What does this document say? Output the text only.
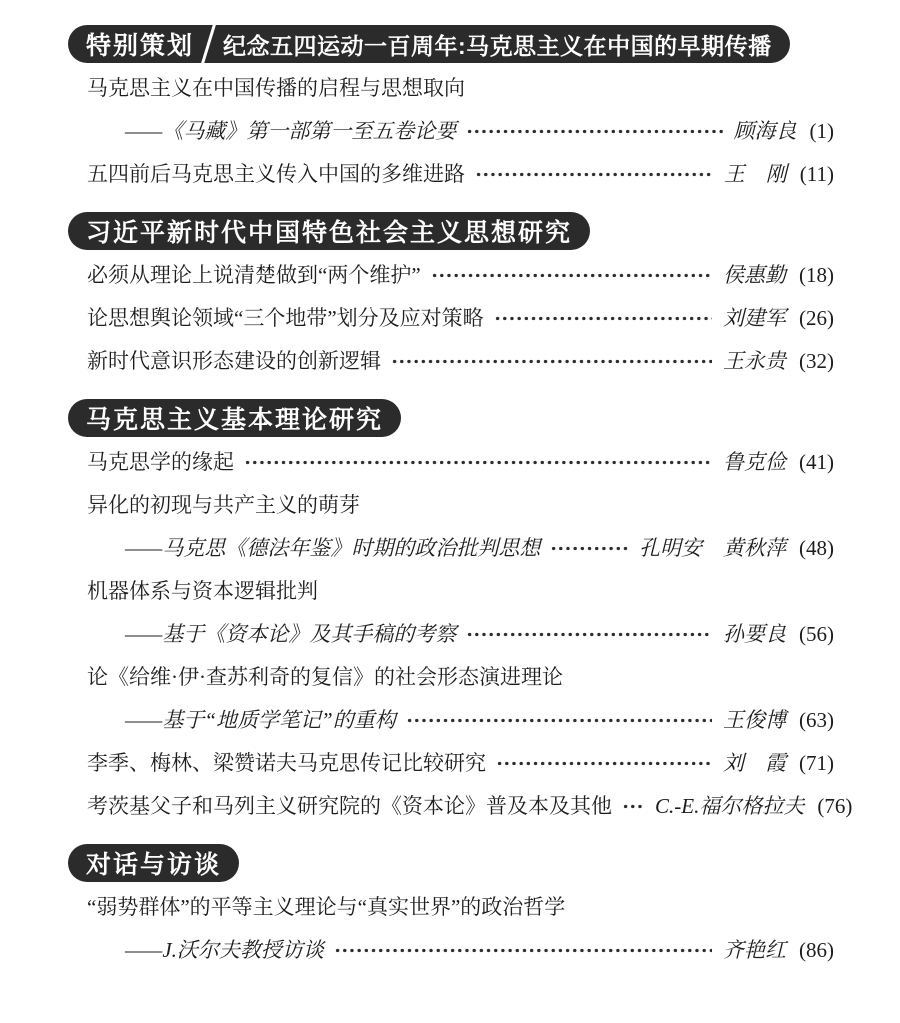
特别策划 纪念五四运动一百周年:马克思主义在中国的早期传播
马克思主义在中国传播的启程与思想取向
——《马藏》第一部第一至五卷论要	顾海良 (1)
五四前后马克思主义传入中国的多维进路	王　刚 (11)
习近平新时代中国特色社会主义思想研究
必须从理论上说清楚做到“两个维护”	侯惠勤 (18)
论思想舆论领域“三个地带”划分及应对策略	刘建军 (26)
新时代意识形态建设的创新逻辑	王永贵 (32)
马克思主义基本理论研究
马克思学的缘起	鲁克俭 (41)
异化的初现与共产主义的萌芽
——马克思《德法年鉴》时期的政治批判思想	孔明安　黄秋萍 (48)
机器体系与资本逻辑批判
——基于《资本论》及其手稿的考察	孙要良 (56)
论《给维·伊·查苏利奇的复信》的社会形态演进理论
——基于“地质学笔记”的重构	王俊博 (63)
李季、梅林、梁赞诺夫马克思传记比较研究	刘　霞 (71)
考茨基父子和马列主义研究院的《资本论》普及本及其他 C.-E.福尔格拉夫 (76)
对话与访谈
“弱势群体”的平等主义理论与“真实世界”的政治哲学
——J.沃尔夫教授访谈	齐艳红 (86)
